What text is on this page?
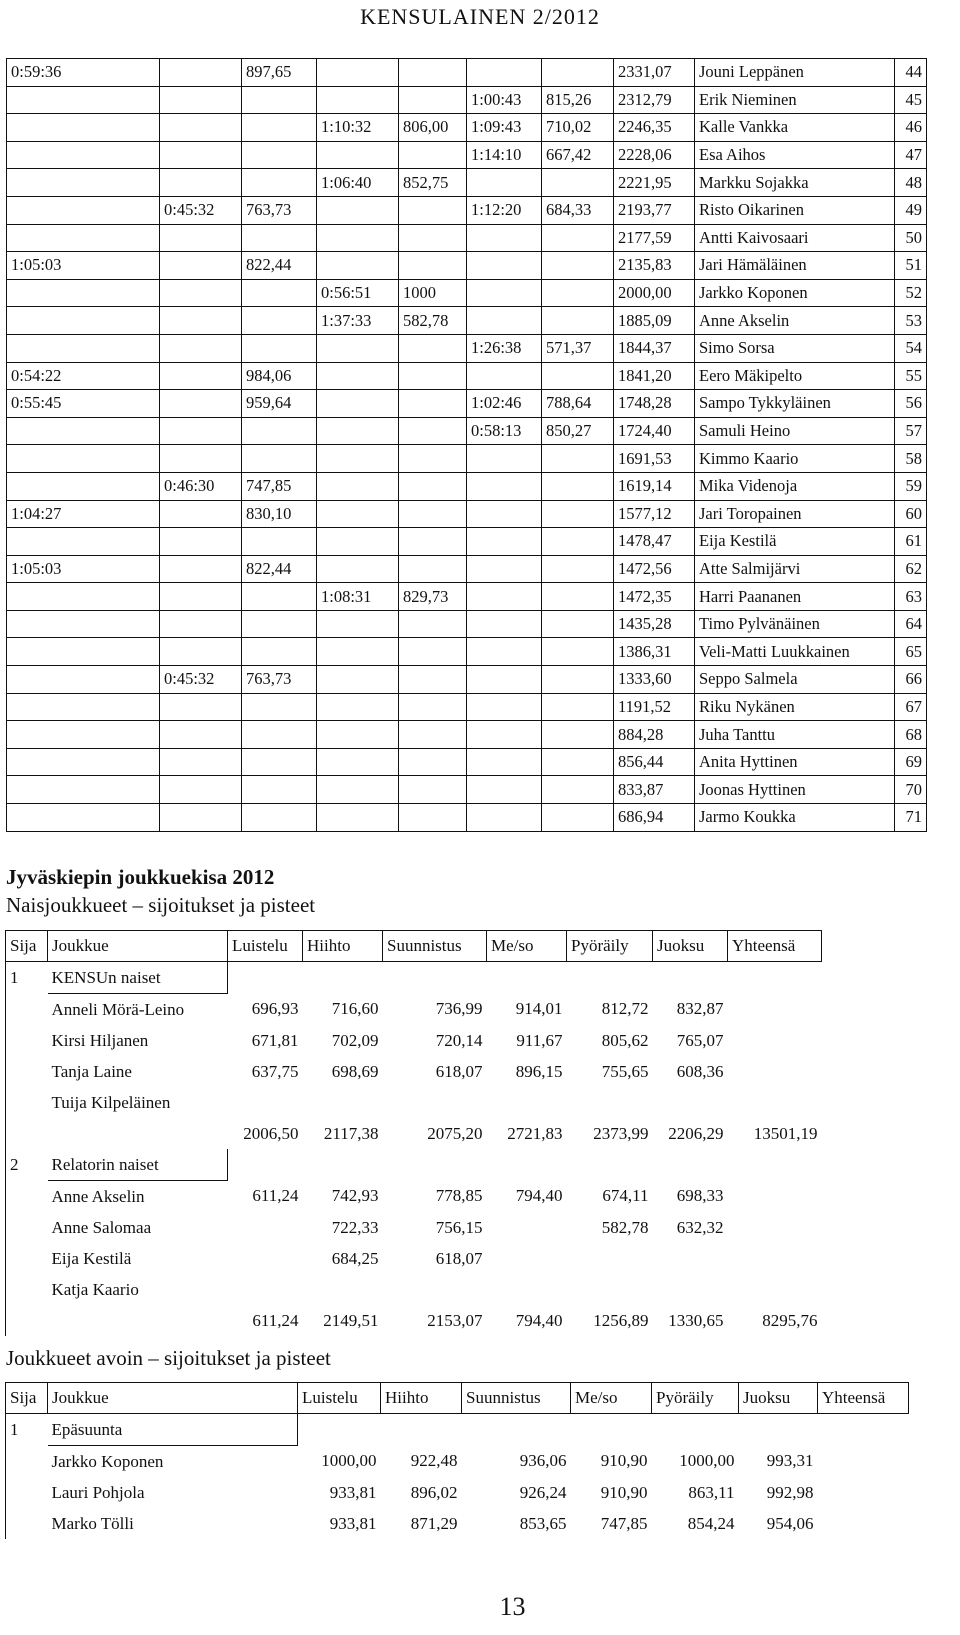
KENSULAINEN 2/2012
0:59:36		897,65					2331,07	Jouni Leppänen	44
					1:00:43	815,26	2312,79	Erik Nieminen	45
			1:10:32	806,00	1:09:43	710,02	2246,35	Kalle Vankka	46
					1:14:10	667,42	2228,06	Esa Aihos	47
			1:06:40	852,75			2221,95	Markku Sojakka	48
	0:45:32	763,73			1:12:20	684,33	2193,77	Risto Oikarinen	49
							2177,59	Antti Kaivosaari	50
1:05:03		822,44					2135,83	Jari Hämäläinen	51
			0:56:51	1000			2000,00	Jarkko Koponen	52
			1:37:33	582,78			1885,09	Anne Akselin	53
					1:26:38	571,37	1844,37	Simo Sorsa	54
0:54:22		984,06					1841,20	Eero Mäkipelto	55
0:55:45		959,64			1:02:46	788,64	1748,28	Sampo Tykkyläinen	56
					0:58:13	850,27	1724,40	Samuli Heino	57
							1691,53	Kimmo Kaario	58
	0:46:30	747,85					1619,14	Mika Videnoja	59
1:04:27		830,10					1577,12	Jari Toropainen	60
							1478,47	Eija Kestilä	61
1:05:03		822,44					1472,56	Atte Salmijärvi	62
			1:08:31	829,73			1472,35	Harri Paananen	63
							1435,28	Timo Pylvänäinen	64
							1386,31	Veli-Matti Luukkainen	65
	0:45:32	763,73					1333,60	Seppo Salmela	66
							1191,52	Riku Nykänen	67
							884,28	Juha Tanttu	68
							856,44	Anita Hyttinen	69
							833,87	Joonas Hyttinen	70
							686,94	Jarmo Koukka	71
Jyväskiepin joukkuekisa 2012
Naisjoukkueet – sijoitukset ja pisteet
Sija	Joukkue	Luistelu	Hiihto	Suunnistus	Me/so	Pyöräily	Juoksu	Yhteensä
1	KENSUn naiset							
	Anneli Mörä-Leino	696,93	716,60	736,99	914,01	812,72	832,87	
	Kirsi Hiljanen	671,81	702,09	720,14	911,67	805,62	765,07	
	Tanja Laine	637,75	698,69	618,07	896,15	755,65	608,36	
	Tuija Kilpeläinen							
		2006,50	2117,38	2075,20	2721,83	2373,99	2206,29	13501,19
2	Relatorin naiset							
	Anne Akselin	611,24	742,93	778,85	794,40	674,11	698,33	
	Anne Salomaa		722,33	756,15		582,78	632,32	
	Eija Kestilä		684,25	618,07				
	Katja Kaario							
		611,24	2149,51	2153,07	794,40	1256,89	1330,65	8295,76
Joukkueet avoin – sijoitukset ja pisteet
Sija	Joukkue	Luistelu	Hiihto	Suunnistus	Me/so	Pyöräily	Juoksu	Yhteensä
1	Epäsuunta							
	Jarkko Koponen	1000,00	922,48	936,06	910,90	1000,00	993,31	
	Lauri Pohjola	933,81	896,02	926,24	910,90	863,11	992,98	
	Marko Tölli	933,81	871,29	853,65	747,85	854,24	954,06	
13
